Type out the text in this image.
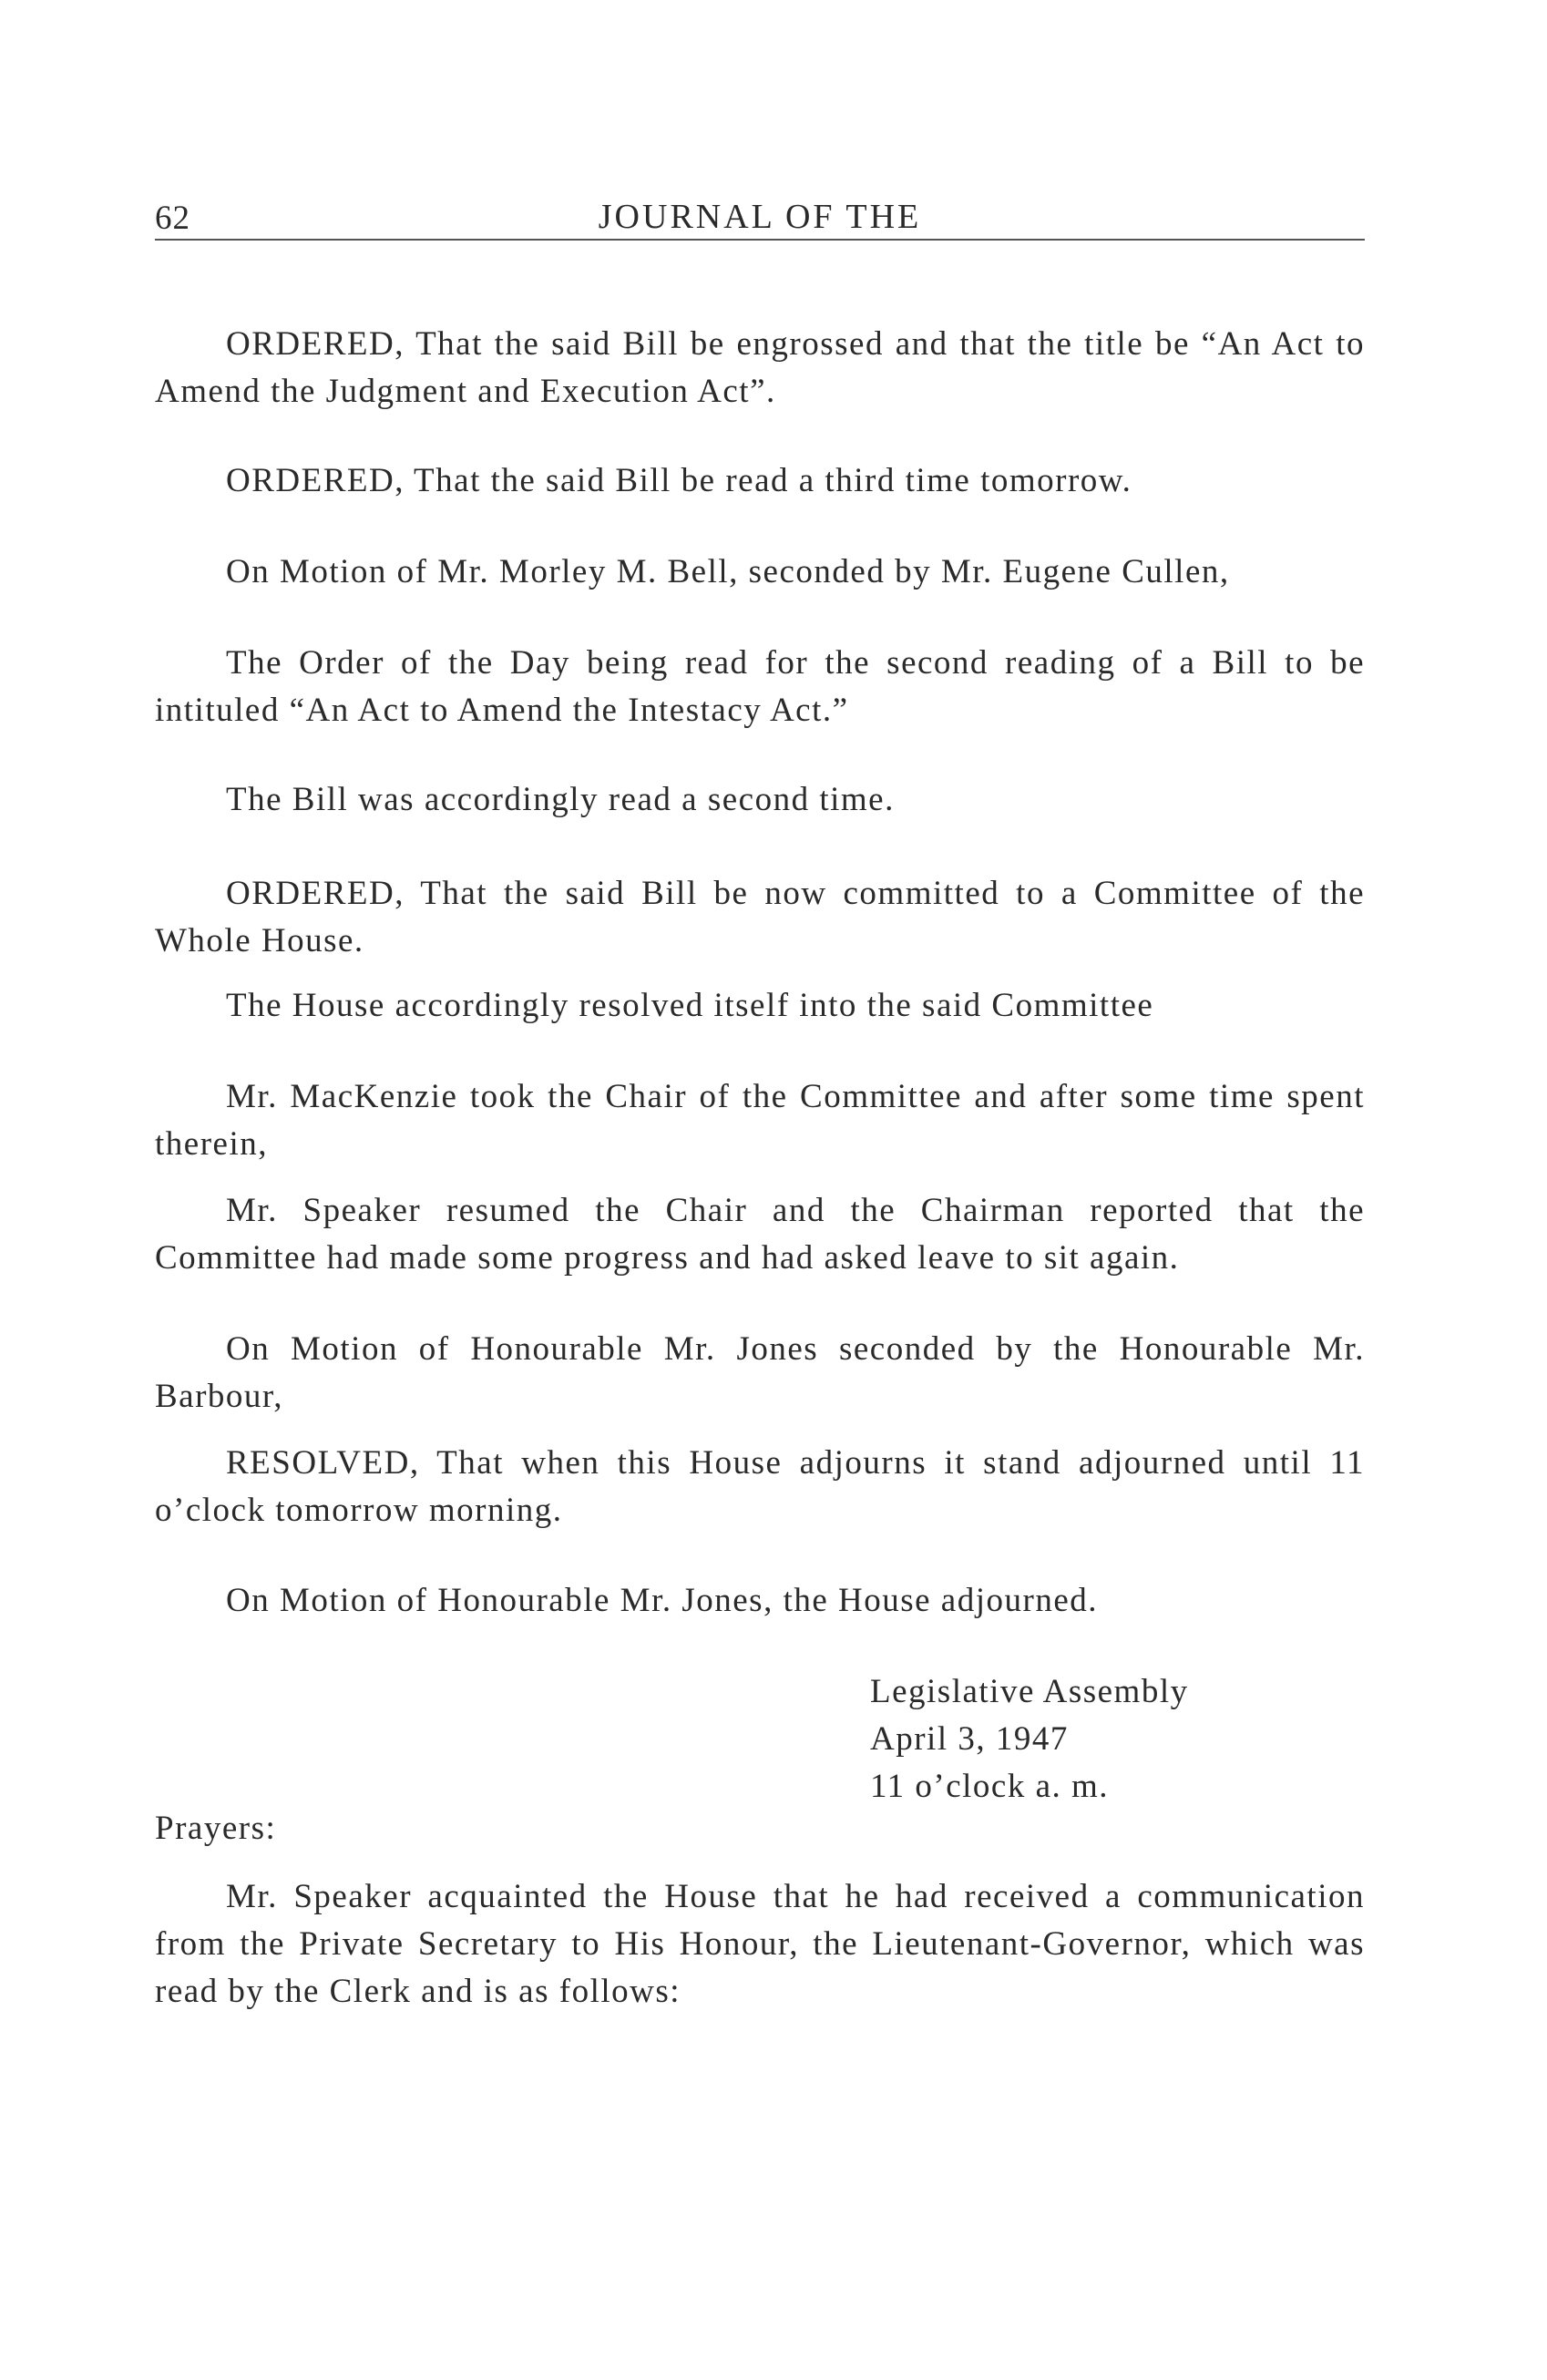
62	JOURNAL OF THE

ORDERED, That the said Bill be engrossed and that the title be “An Act to Amend the Judgment and Execution Act”.

ORDERED, That the said Bill be read a third time tomorrow.

On Motion of Mr. Morley M. Bell, seconded by Mr. Eugene Cullen,

The Order of the Day being read for the second reading of a Bill to be intituled “An Act to Amend the Intestacy Act.”

The Bill was accordingly read a second time.

ORDERED, That the said Bill be now committed to a Committee of the Whole House.

The House accordingly resolved itself into the said Committee

Mr. MacKenzie took the Chair of the Committee and after some time spent therein,

Mr. Speaker resumed the Chair and the Chairman reported that the Committee had made some progress and had asked leave to sit again.

On Motion of Honourable Mr. Jones seconded by the Honourable Mr. Barbour,

RESOLVED, That when this House adjourns it stand adjourned until 11 o’clock tomorrow morning.

On Motion of Honourable Mr. Jones, the House adjourned.

Legislative Assembly
April 3, 1947
11 o’clock a. m.

Prayers:

Mr. Speaker acquainted the House that he had received a communication from the Private Secretary to His Honour, the Lieutenant-Governor, which was read by the Clerk and is as follows:
